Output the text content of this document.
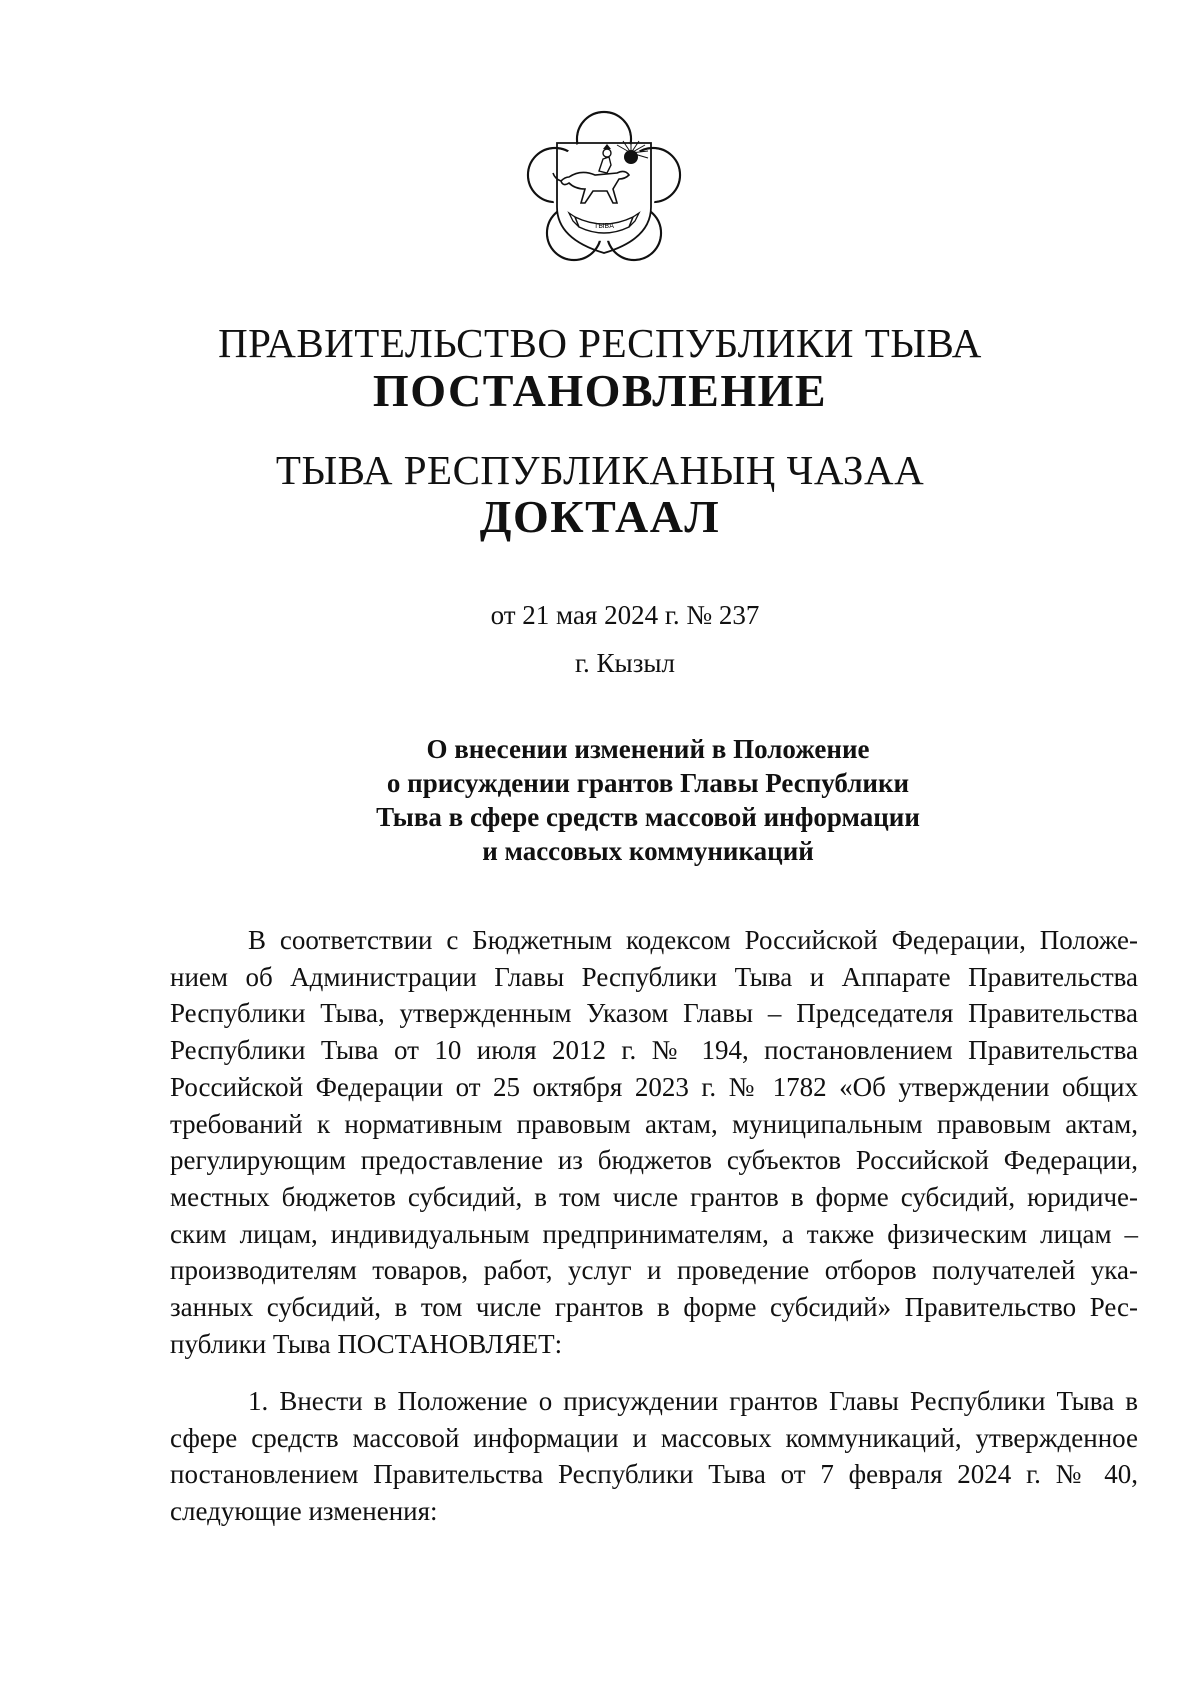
ТЫВА
ПРАВИТЕЛЬСТВО РЕСПУБЛИКИ ТЫВА
ПОСТАНОВЛЕНИЕ
ТЫВА РЕСПУБЛИКАНЫҢ ЧАЗАА
ДОКТААЛ
от 21 мая 2024 г. № 237
г. Кызыл
О внесении изменений в Положение
о присуждении грантов Главы Республики
Тыва в сфере средств массовой информации
и массовых коммуникаций
В соответствии с Бюджетным кодексом Российской Федерации, Положе-
нием об Администрации Главы Республики Тыва и Аппарате Правительства
Республики Тыва, утвержденным Указом Главы – Председателя Правительства
Республики Тыва от 10 июля 2012 г. № 194, постановлением Правительства
Российской Федерации от 25 октября 2023 г. № 1782 «Об утверждении общих
требований к нормативным правовым актам, муниципальным правовым актам,
регулирующим предоставление из бюджетов субъектов Российской Федерации,
местных бюджетов субсидий, в том числе грантов в форме субсидий, юридиче-
ским лицам, индивидуальным предпринимателям, а также физическим лицам –
производителям товаров, работ, услуг и проведение отборов получателей ука-
занных субсидий, в том числе грантов в форме субсидий» Правительство Рес-
публики Тыва ПОСТАНОВЛЯЕТ:
1. Внести в Положение о присуждении грантов Главы Республики Тыва в
сфере средств массовой информации и массовых коммуникаций, утвержденное
постановлением Правительства Республики Тыва от 7 февраля 2024 г. № 40,
следующие изменения:
